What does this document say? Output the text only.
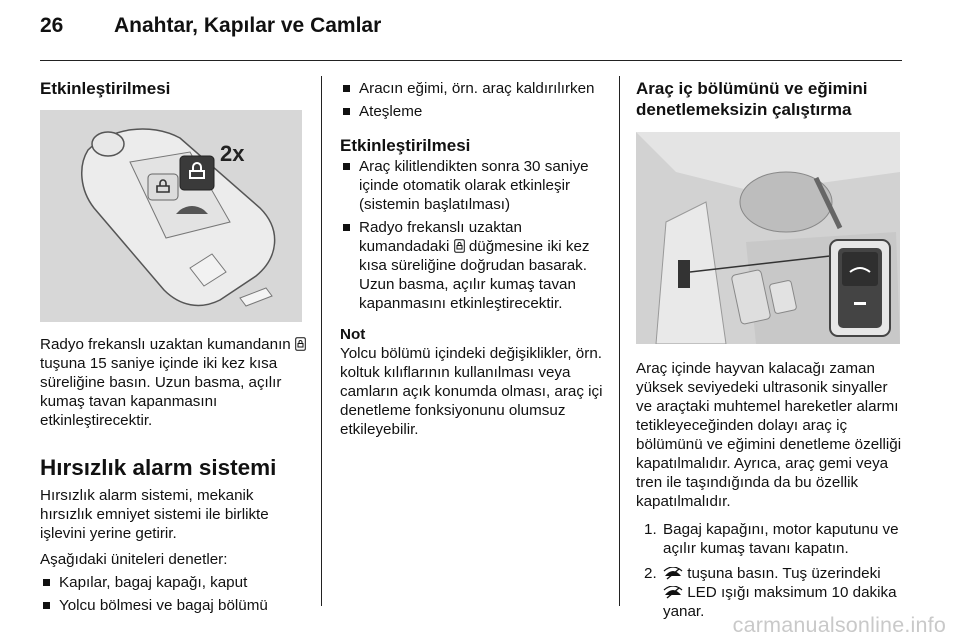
26 Anahtar, Kapılar ve Camlar
Etkinleştirilmesi
2x

Radyo frekanslı uzaktan kumandanın  tuşuna 15 saniye içinde iki kez kısa süreliğine basın. Uzun basma, açılır kumaş tavan kapanmasını etkinleştirecektir.

Hırsızlık alarm sistemi

Hırsızlık alarm sistemi, mekanik hırsızlık emniyet sistemi ile birlikte işlevini yerine getirir.

Aşağıdaki üniteleri denetler:

Kapılar, bagaj kapağı, kaput
Yolcu bölmesi ve bagaj bölümü
Aracın eğimi, örn. araç kaldırılırken
Ateşleme
Etkinleştirilmesi
Araç kilitlendikten sonra 30 saniye içinde otomatik olarak etkinleşir (sistemin başlatılması)
Radyo frekanslı uzaktan kumandadaki düğmesine iki kez kısa süreliğine doğrudan basarak. Uzun basma, açılır kumaş tavan kapanmasını etkinleştirecektir.

Not

Yolcu bölümü içindeki değişiklikler, örn. koltuk kılıflarının kullanılması veya camların açık konumda olması, araç içi denetleme fonksiyonunu olumsuz etkileyebilir.

Araç iç bölümünü ve eğimini denetlemeksizin çalıştırma

Araç içinde hayvan kalacağı zaman yüksek seviyedeki ultrasonik sinyaller ve araçtaki muhtemel hareketler alarmı tetikleyeceğinden dolayı araç iç bölümünü ve eğimini denetleme özelliği kapatılmalıdır. Ayrıca, araç gemi veya tren ile taşındığında da bu özellik kapatılmalıdır.

1. Bagaj kapağını, motor kaputunu ve açılır kumaş tavanı kapatın.
2. tuşuna basın. Tuş üzerindeki  LED ışığı maksimum 10 dakika yanar.
carmanualsonline.info
